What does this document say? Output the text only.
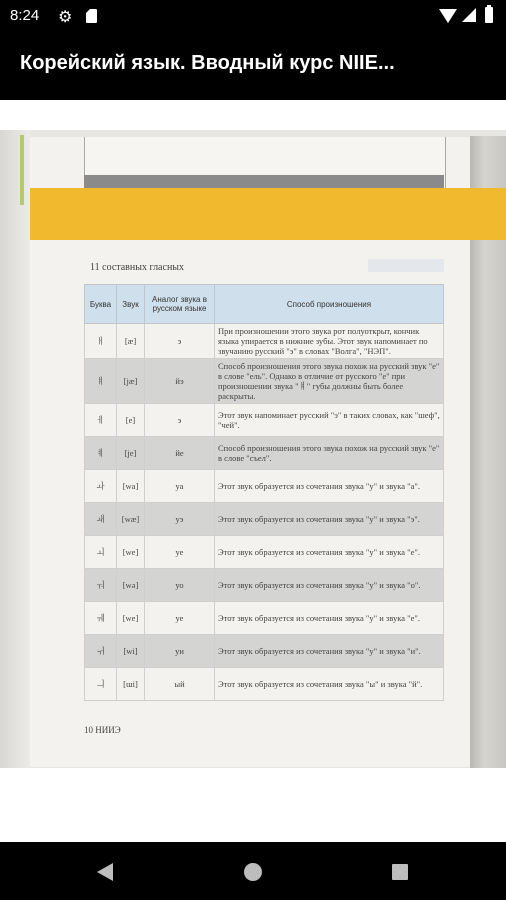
8:24 ⚙
Корейский язык. Вводный курс NIIE...
11 составных гласных
Буква	Звук	Аналог звука в русском языке	Способ произношения
ㅐ	[æ]	э	При произношении этого звука рот полуоткрыт, кончик языка упирается в нижние зубы. Этот звук напоминает по звучанию русский "э" в словах "Волга", "НЭП".
ㅒ	[jæ]	йэ	Способ произношения этого звука похож на русский звук "е" в слове "ель". Однако в отличие от русского "е" при произношении звука "ㅒ" губы должны быть более раскрыты.
ㅔ	[e]	э	Этот звук напоминает русский "э" в таких словах, как "шеф", "чей".
ㅖ	[je]	йе	Способ произношения этого звука похож на русский звук "е" в слове "съел".
ㅘ	[wa]	уа	Этот звук образуется из сочетания звука "у" и звука "а".
ㅙ	[wæ]	уэ	Этот звук образуется из сочетания звука "у" и звука "э".
ㅚ	[we]	уе	Этот звук образуется из сочетания звука "у" и звука "е".
ㅝ	[wə]	уо	Этот звук образуется из сочетания звука "у" и звука "о".
ㅞ	[we]	уе	Этот звук образуется из сочетания звука "у" и звука "е".
ㅟ	[wi]	уи	Этот звук образуется из сочетания звука "у" и звука "и".
ㅢ	[ɯi]	ый	Этот звук образуется из сочетания звука "ы" и звука "й".
10 НИИЭ
